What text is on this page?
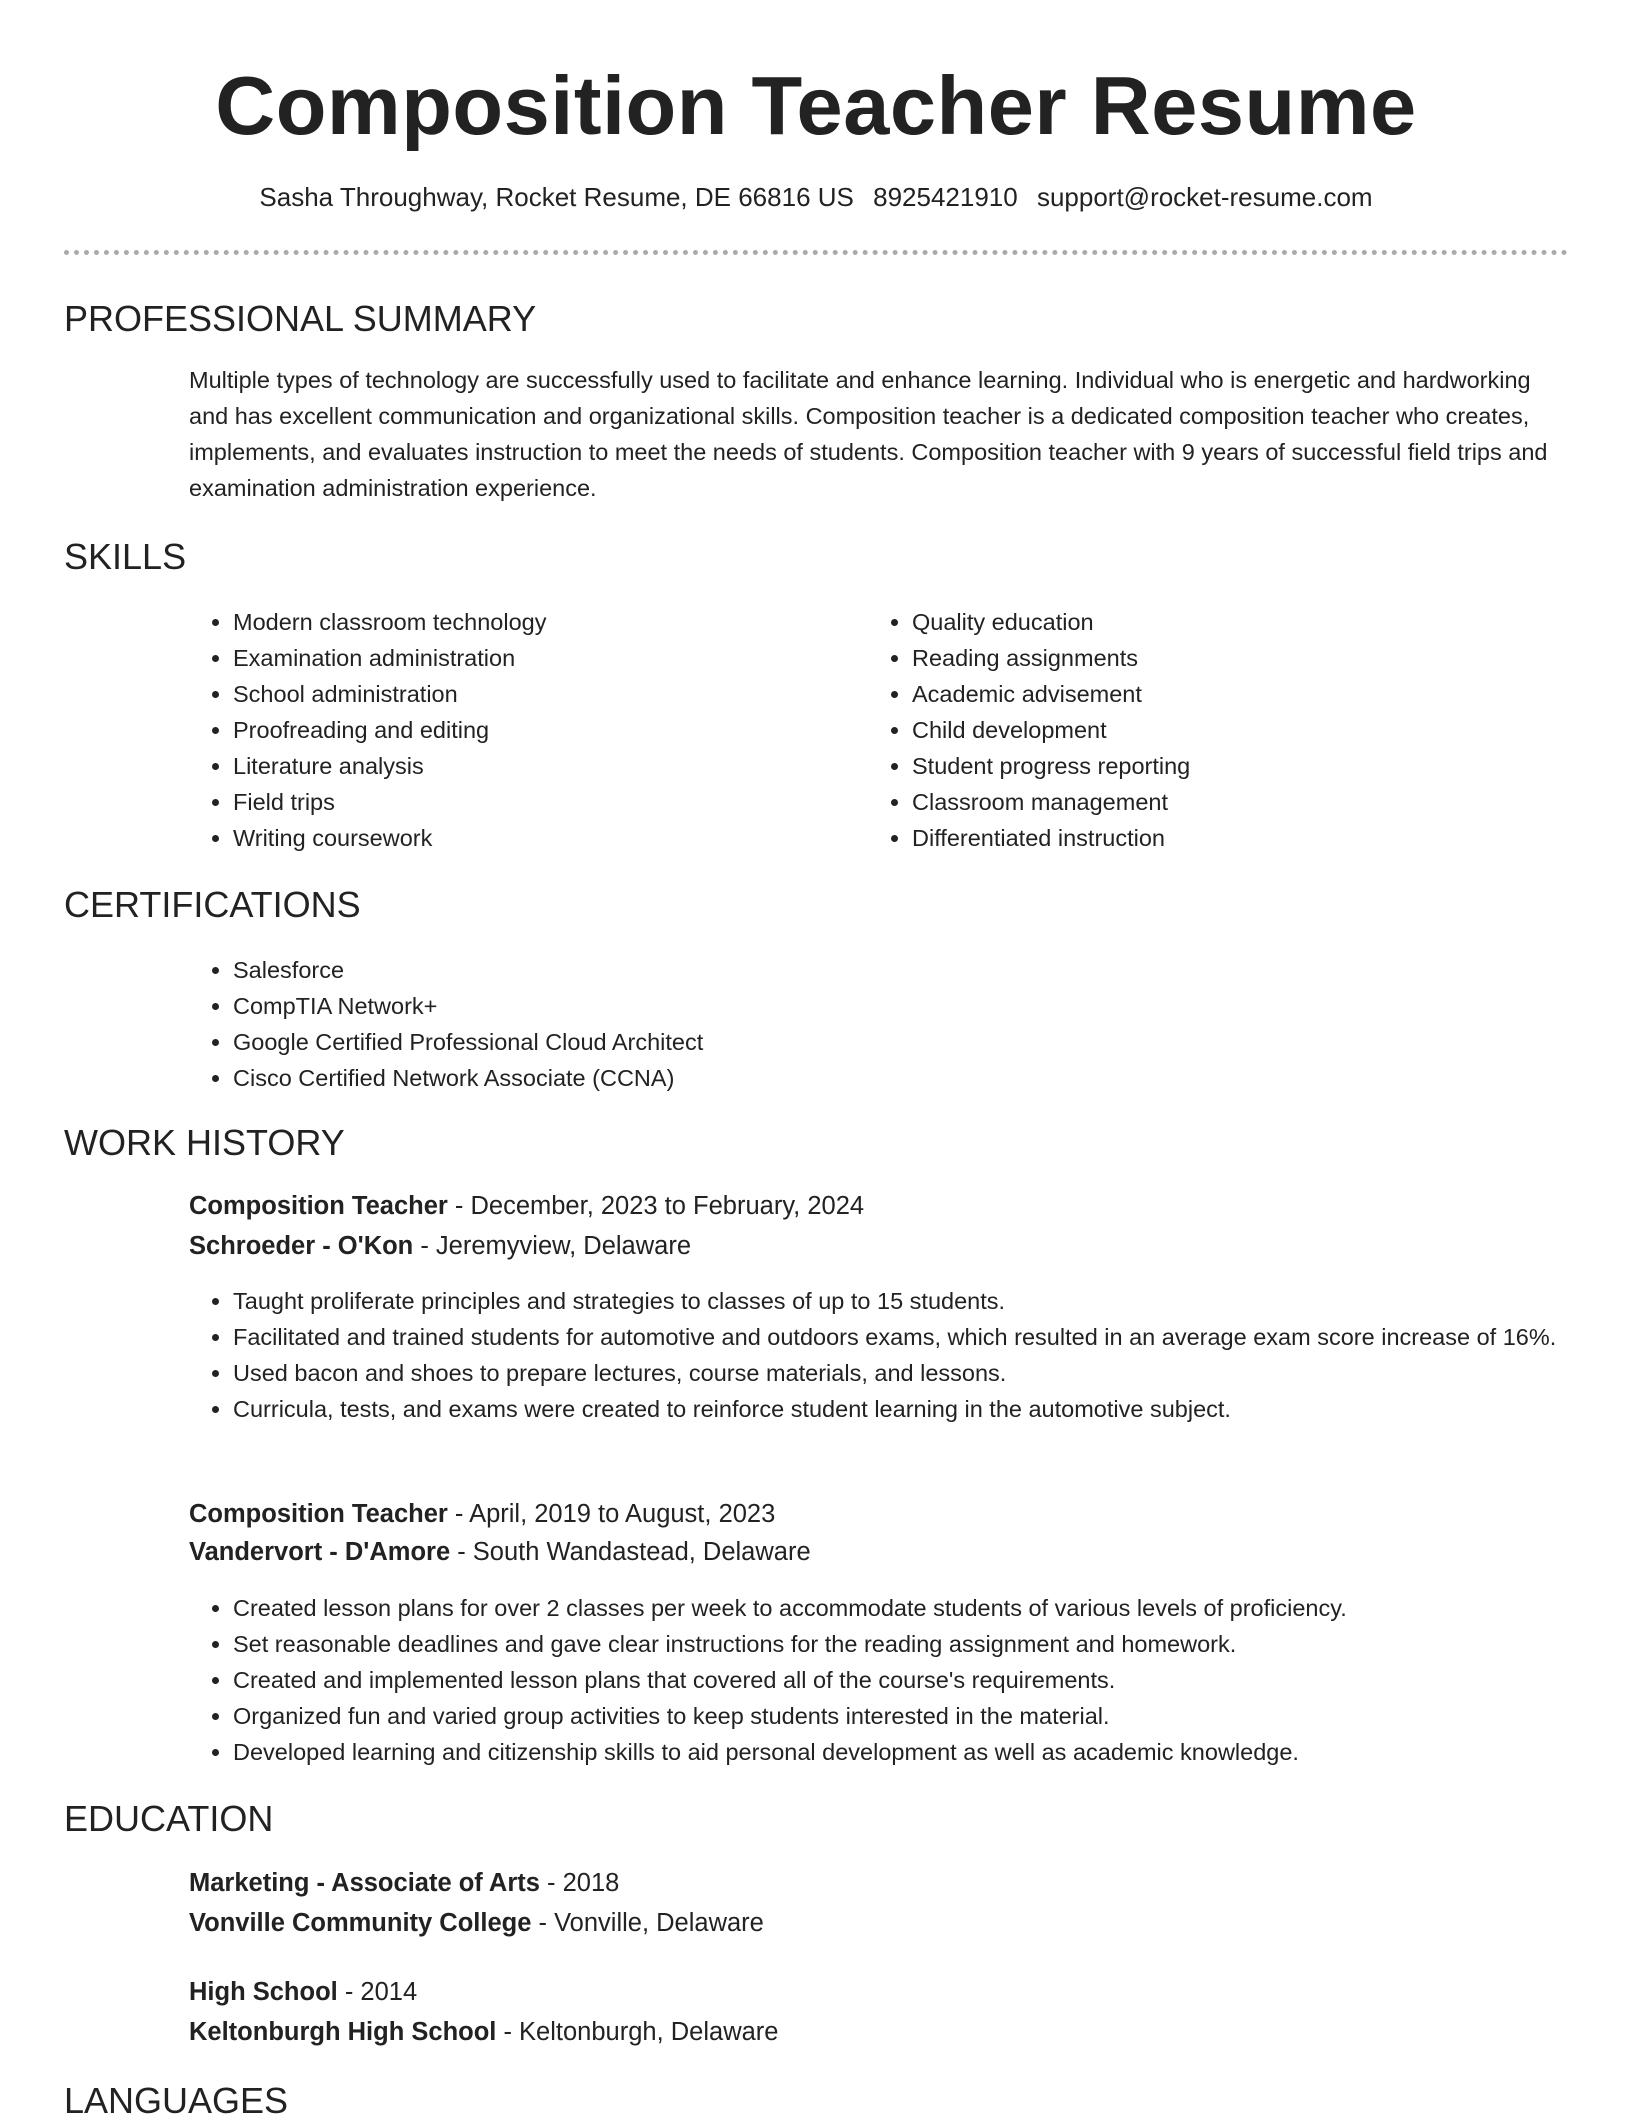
Composition Teacher Resume
Sasha Throughway, Rocket Resume, DE 66816 US 8925421910 support@rocket-resume.com
PROFESSIONAL SUMMARY
Multiple types of technology are successfully used to facilitate and enhance learning. Individual who is energetic and hardworking and has excellent communication and organizational skills. Composition teacher is a dedicated composition teacher who creates, implements, and evaluates instruction to meet the needs of students. Composition teacher with 9 years of successful field trips and examination administration experience.
SKILLS
• Modern classroom technology
• Examination administration
• School administration
• Proofreading and editing
• Literature analysis
• Field trips
• Writing coursework
• Quality education
• Reading assignments
• Academic advisement
• Child development
• Student progress reporting
• Classroom management
• Differentiated instruction
CERTIFICATIONS
• Salesforce
• CompTIA Network+
• Google Certified Professional Cloud Architect
• Cisco Certified Network Associate (CCNA)
WORK HISTORY
Composition Teacher - December, 2023 to February, 2024
Schroeder - O'Kon - Jeremyview, Delaware
• Taught proliferate principles and strategies to classes of up to 15 students.
• Facilitated and trained students for automotive and outdoors exams, which resulted in an average exam score increase of 16%.
• Used bacon and shoes to prepare lectures, course materials, and lessons.
• Curricula, tests, and exams were created to reinforce student learning in the automotive subject.
Composition Teacher - April, 2019 to August, 2023
Vandervort - D'Amore - South Wandastead, Delaware
• Created lesson plans for over 2 classes per week to accommodate students of various levels of proficiency.
• Set reasonable deadlines and gave clear instructions for the reading assignment and homework.
• Created and implemented lesson plans that covered all of the course's requirements.
• Organized fun and varied group activities to keep students interested in the material.
• Developed learning and citizenship skills to aid personal development as well as academic knowledge.
EDUCATION
Marketing - Associate of Arts - 2018
Vonville Community College - Vonville, Delaware
High School - 2014
Keltonburgh High School - Keltonburgh, Delaware
LANGUAGES
